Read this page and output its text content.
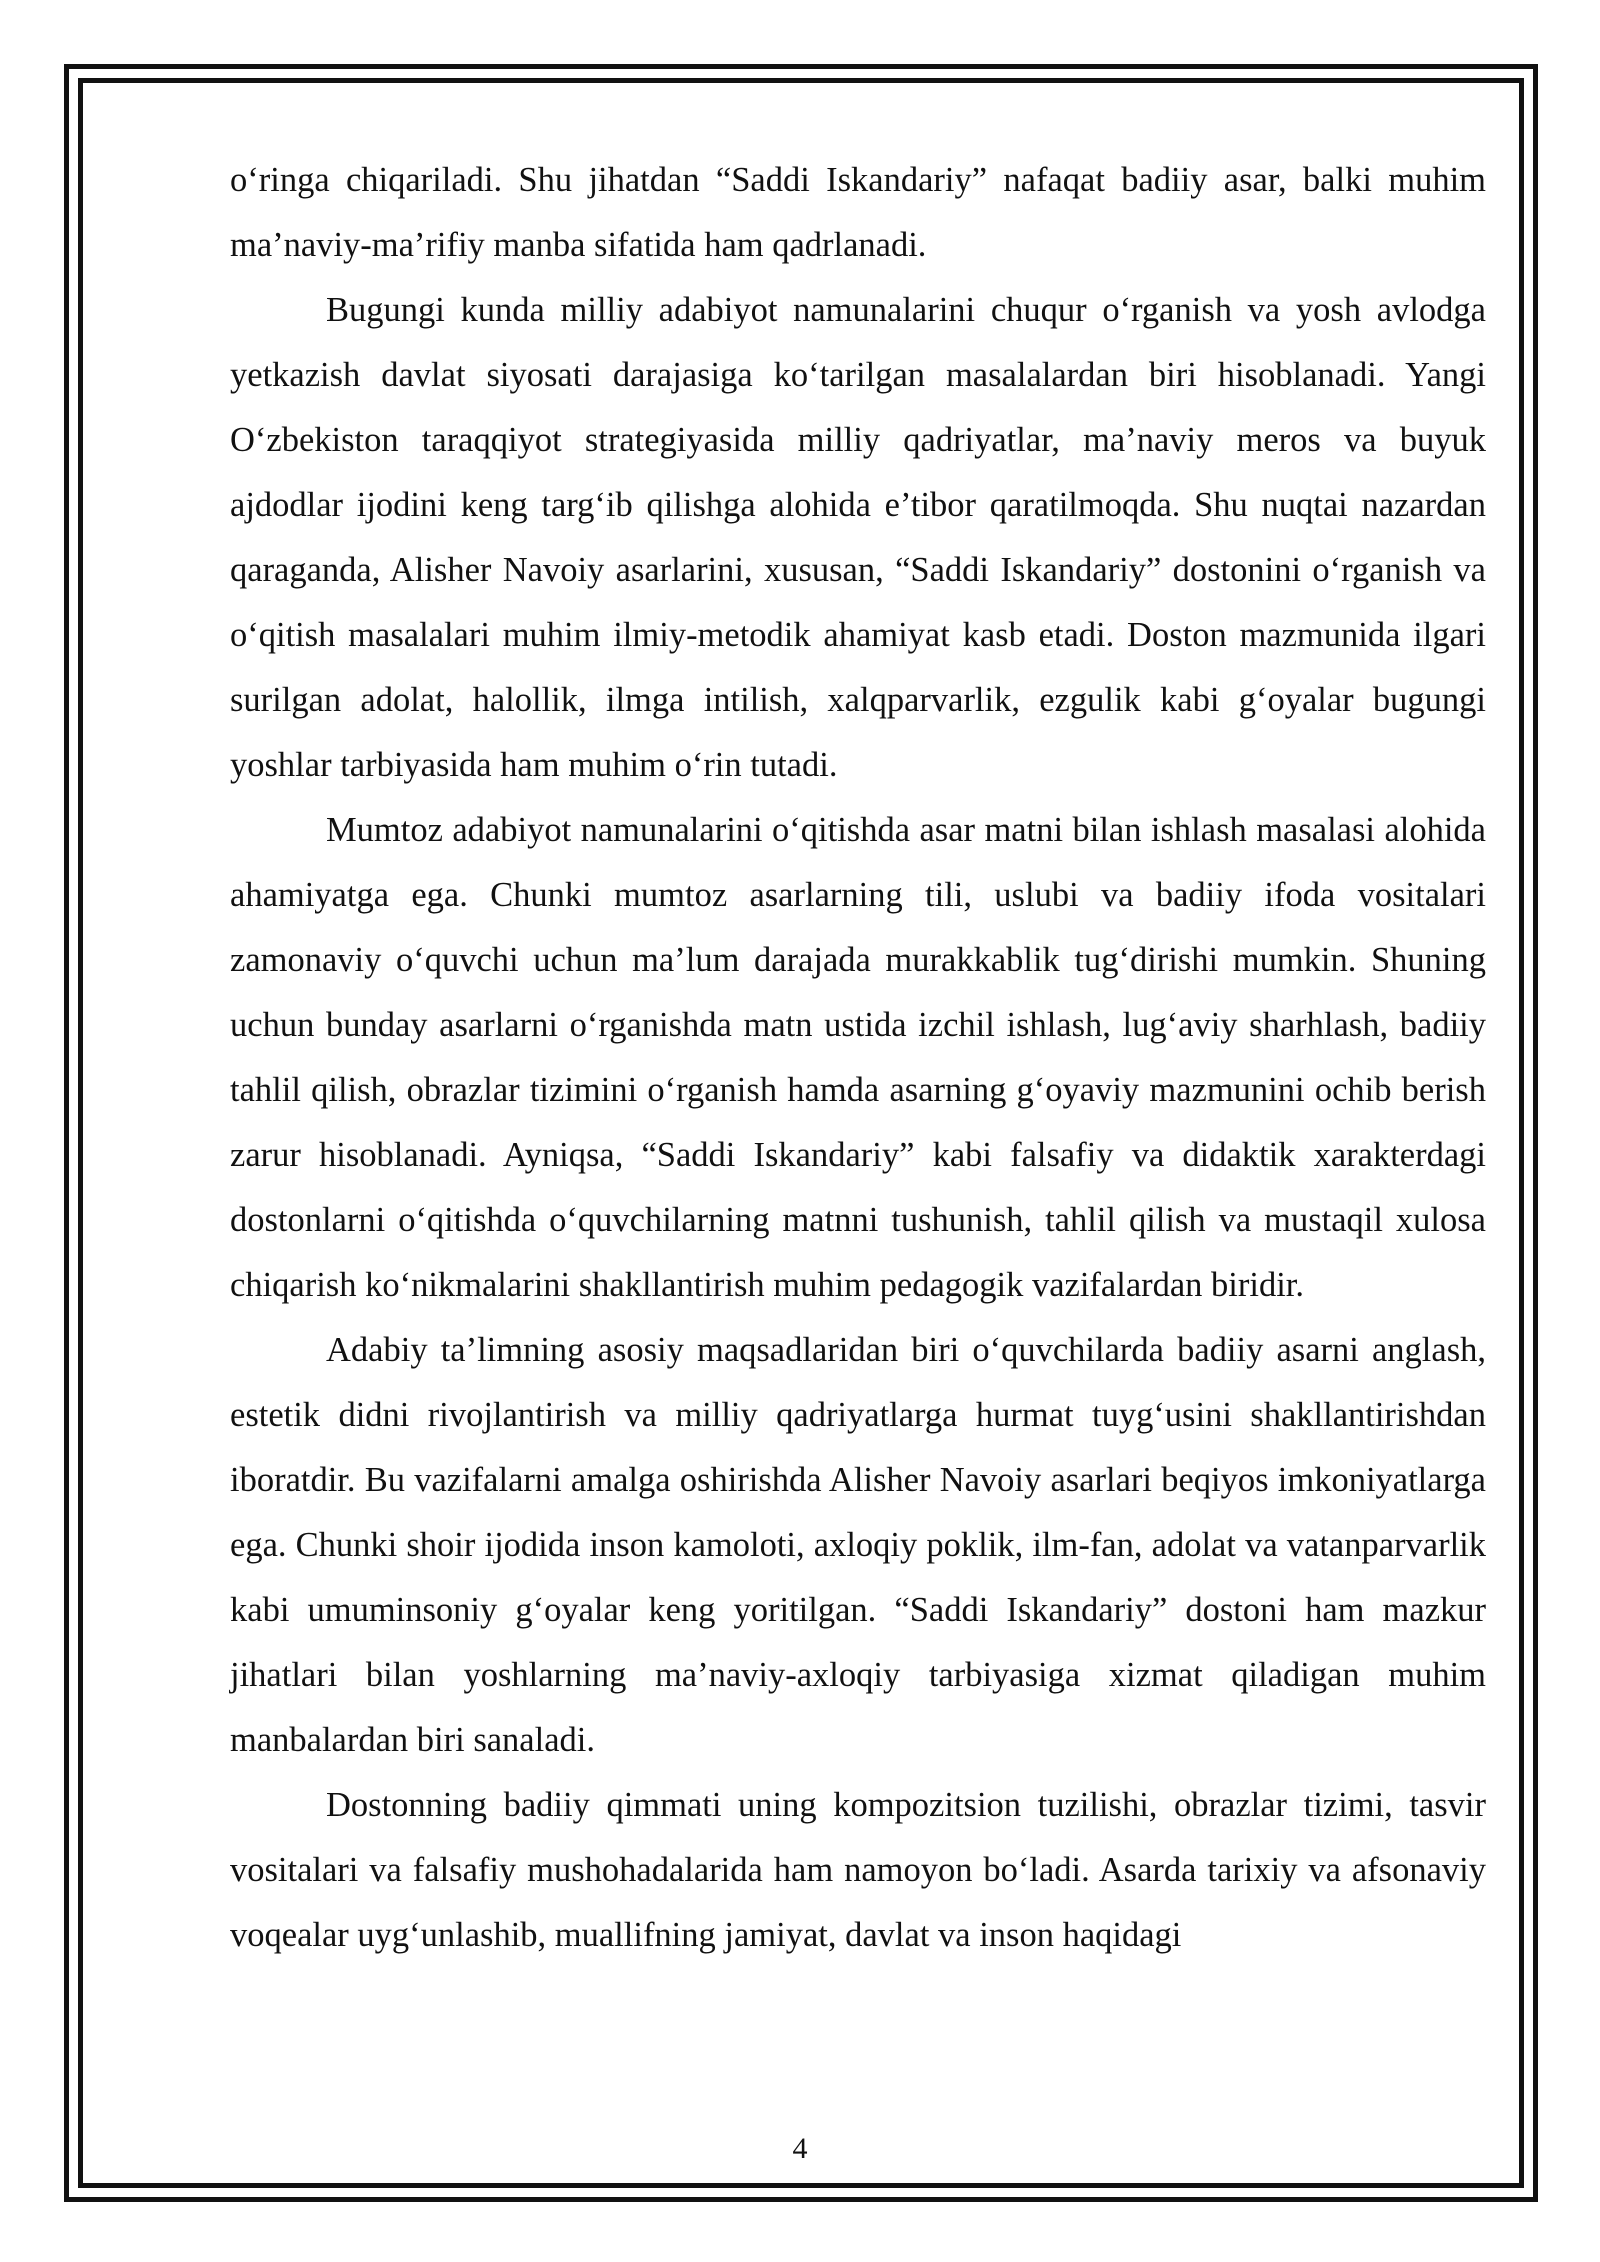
o‘ringa chiqariladi. Shu jihatdan “Saddi Iskandariy” nafaqat badiiy asar, balki muhim ma’naviy-ma’rifiy manba sifatida ham qadrlanadi.

Bugungi kunda milliy adabiyot namunalarini chuqur o‘rganish va yosh avlodga yetkazish davlat siyosati darajasiga ko‘tarilgan masalalardan biri hisoblanadi. Yangi O‘zbekiston taraqqiyot strategiyasida milliy qadriyatlar, ma’naviy meros va buyuk ajdodlar ijodini keng targ‘ib qilishga alohida e’tibor qaratilmoqda. Shu nuqtai nazardan qaraganda, Alisher Navoiy asarlarini, xususan, “Saddi Iskandariy” dostonini o‘rganish va o‘qitish masalalari muhim ilmiy-metodik ahamiyat kasb etadi. Doston mazmunida ilgari surilgan adolat, halollik, ilmga intilish, xalqparvarlik, ezgulik kabi g‘oyalar bugungi yoshlar tarbiyasida ham muhim o‘rin tutadi.

Mumtoz adabiyot namunalarini o‘qitishda asar matni bilan ishlash masalasi alohida ahamiyatga ega. Chunki mumtoz asarlarning tili, uslubi va badiiy ifoda vositalari zamonaviy o‘quvchi uchun ma’lum darajada murakkablik tug‘dirishi mumkin. Shuning uchun bunday asarlarni o‘rganishda matn ustida izchil ishlash, lug‘aviy sharhlash, badiiy tahlil qilish, obrazlar tizimini o‘rganish hamda asarning g‘oyaviy mazmunini ochib berish zarur hisoblanadi. Ayniqsa, “Saddi Iskandariy” kabi falsafiy va didaktik xarakterdagi dostonlarni o‘qitishda o‘quvchilarning matnni tushunish, tahlil qilish va mustaqil xulosa chiqarish ko‘nikmalarini shakllantirish muhim pedagogik vazifalardan biridir.

Adabiy ta’limning asosiy maqsadlaridan biri o‘quvchilarda badiiy asarni anglash, estetik didni rivojlantirish va milliy qadriyatlarga hurmat tuyg‘usini shakllantirishdan iboratdir. Bu vazifalarni amalga oshirishda Alisher Navoiy asarlari beqiyos imkoniyatlarga ega. Chunki shoir ijodida inson kamoloti, axloqiy poklik, ilm-fan, adolat va vatanparvarlik kabi umuminsoniy g‘oyalar keng yoritilgan. “Saddi Iskandariy” dostoni ham mazkur jihatlari bilan yoshlarning ma’naviy-axloqiy tarbiyasiga xizmat qiladigan muhim manbalardan biri sanaladi.

Dostonning badiiy qimmati uning kompozitsion tuzilishi, obrazlar tizimi, tasvir vositalari va falsafiy mushohadalarida ham namoyon bo‘ladi. Asarda tarixiy va afsonaviy voqealar uyg‘unlashib, muallifning jamiyat, davlat va inson haqidagi

4
